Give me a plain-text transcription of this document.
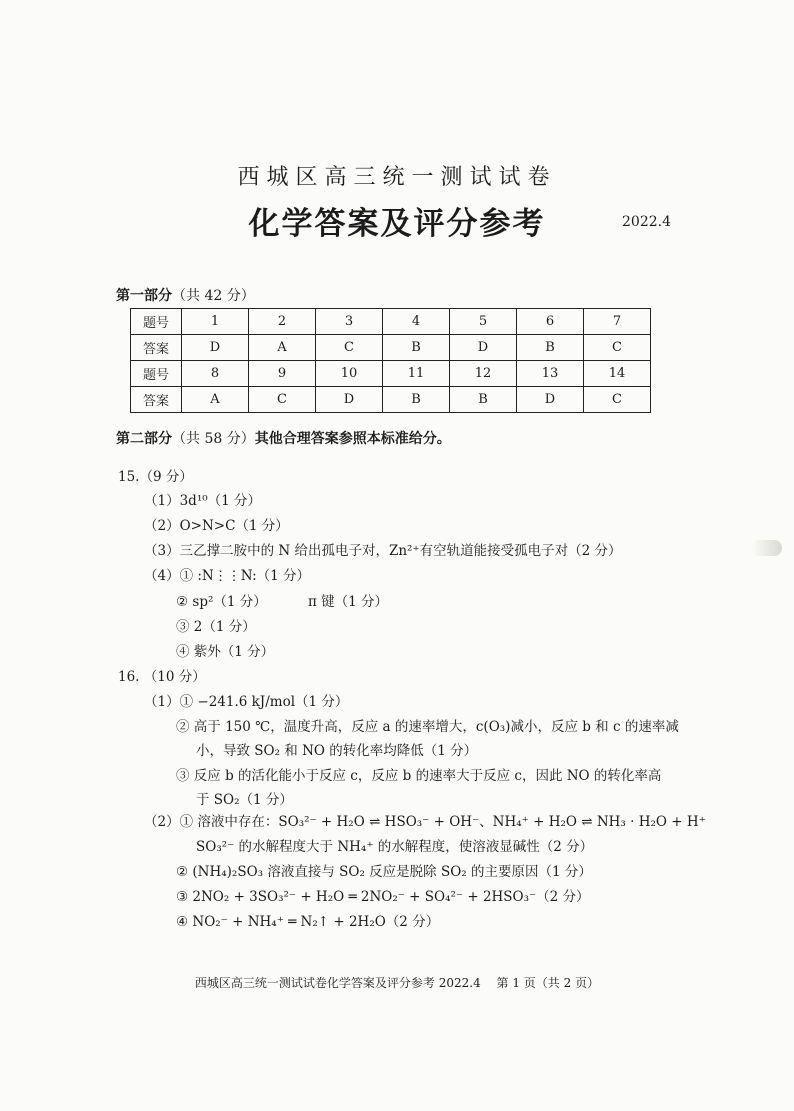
西城区高三统一测试试卷
化学答案及评分参考	2022.4
第一部分（共 42 分）
题号	1	2	3	4	5	6	7
答案	D	A	C	B	D	B	C
题号	8	9	10	11	12	13	14
答案	A	C	D	B	B	D	C
第二部分（共 58 分）其他合理答案参照本标准给分。
15.（9 分）
（1）3d¹⁰（1 分）
（2）O>N>C（1 分）
（3）三乙撑二胺中的 N 给出孤电子对，Zn²⁺有空轨道能接受孤电子对（2 分）
（4）① :N⋮⋮N:（1 分）
② sp²（1 分）	π 键（1 分）
③ 2（1 分）
④ 紫外（1 分）
16. （10 分）
（1）① −241.6 kJ/mol（1 分）
② 高于 150 ℃，温度升高，反应 a 的速率增大，c(O₃)减小，反应 b 和 c 的速率减
小，导致 SO₂ 和 NO 的转化率均降低（1 分）
③ 反应 b 的活化能小于反应 c，反应 b 的速率大于反应 c，因此 NO 的转化率高
于 SO₂（1 分）
（2）① 溶液中存在：SO₃²⁻ + H₂O ⇌ HSO₃⁻ + OH⁻、NH₄⁺ + H₂O ⇌ NH₃ · H₂O + H⁺
SO₃²⁻ 的水解程度大于 NH₄⁺ 的水解程度，使溶液显碱性（2 分）
② (NH₄)₂SO₃ 溶液直接与 SO₂ 反应是脱除 SO₂ 的主要原因（1 分）
③ 2NO₂ + 3SO₃²⁻ + H₂O ═ 2NO₂⁻ + SO₄²⁻ + 2HSO₃⁻（2 分）
④ NO₂⁻ + NH₄⁺ ═ N₂↑ + 2H₂O（2 分）
西城区高三统一测试试卷化学答案及评分参考 2022.4　 第 1 页（共 2 页）
